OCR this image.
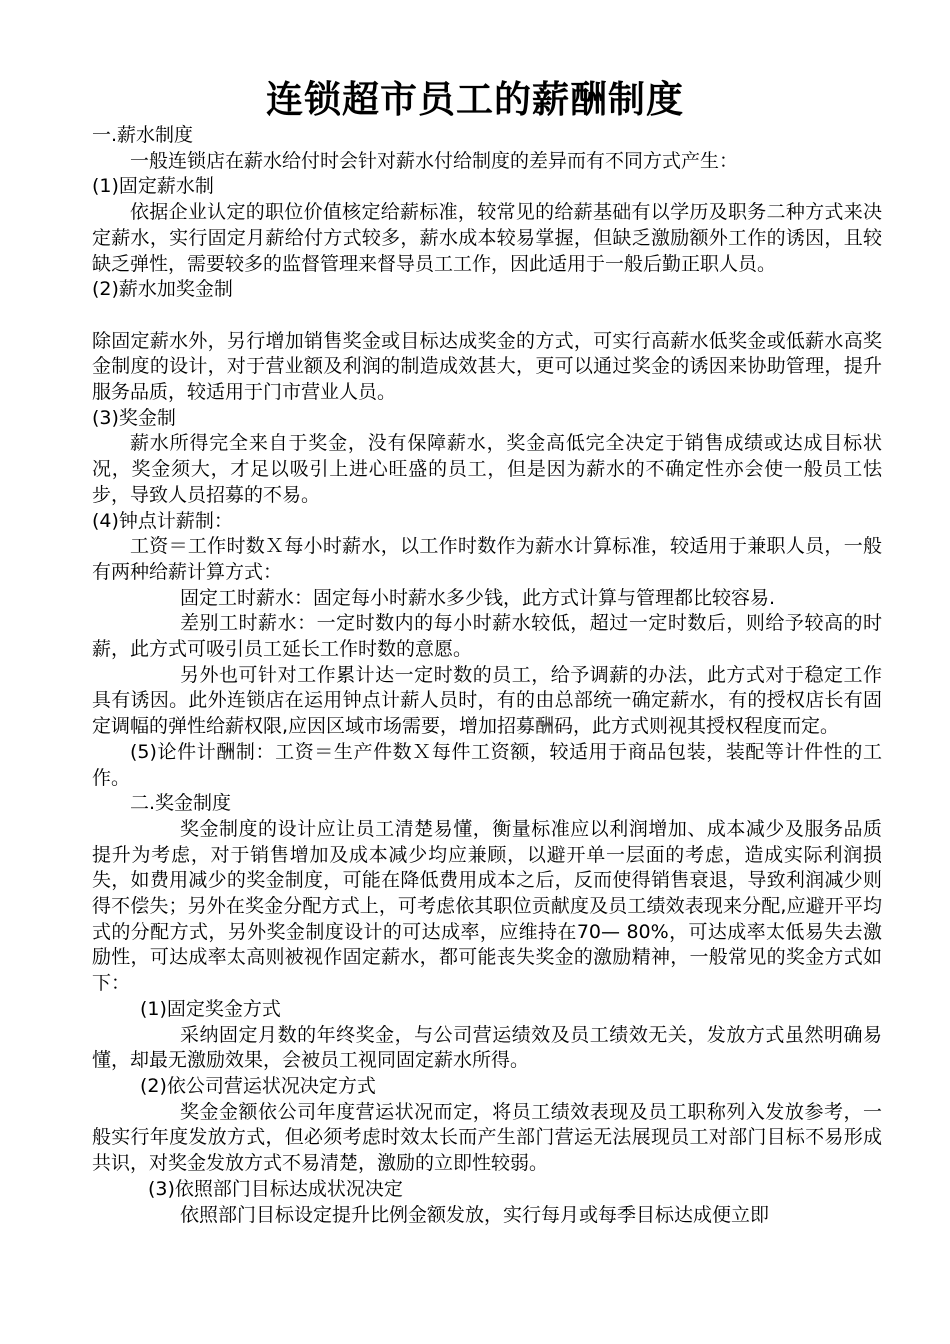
连锁超市员工的薪酬制度

一.薪水制度

一般连锁店在薪水给付时会针对薪水付给制度的差异而有不同方式产生：

(1)固定薪水制

依据企业认定的职位价值核定给薪标准，较常见的给薪基础有以学历及职务二种方式来决定薪水，实行固定月薪给付方式较多，薪水成本较易掌握，但缺乏激励额外工作的诱因，且较缺乏弹性，需要较多的监督管理来督导员工工作，因此适用于一般后勤正职人员。

(2)薪水加奖金制

除固定薪水外，另行增加销售奖金或目标达成奖金的方式，可实行高薪水低奖金或低薪水高奖金制度的设计，对于营业额及利润的制造成效甚大，更可以通过奖金的诱因来协助管理，提升服务品质，较适用于门市营业人员。

(3)奖金制

薪水所得完全来自于奖金，没有保障薪水，奖金高低完全决定于销售成绩或达成目标状况，奖金须大，才足以吸引上进心旺盛的员工，但是因为薪水的不确定性亦会使一般员工怯步，导致人员招募的不易。

(4)钟点计薪制：

工资＝工作时数Ｘ每小时薪水，以工作时数作为薪水计算标准，较适用于兼职人员，一般有两种给薪计算方式：

固定工时薪水：固定每小时薪水多少钱，此方式计算与管理都比较容易.

差别工时薪水：一定时数内的每小时薪水较低，超过一定时数后，则给予较高的时薪，此方式可吸引员工延长工作时数的意愿。

另外也可针对工作累计达一定时数的员工，给予调薪的办法，此方式对于稳定工作具有诱因。此外连锁店在运用钟点计薪人员时，有的由总部统一确定薪水，有的授权店长有固定调幅的弹性给薪权限,应因区域市场需要，增加招募酬码，此方式则视其授权程度而定。

(5)论件计酬制：工资＝生产件数Ｘ每件工资额，较适用于商品包装，装配等计件性的工作。

二.奖金制度

奖金制度的设计应让员工清楚易懂，衡量标准应以利润增加、成本减少及服务品质提升为考虑，对于销售增加及成本减少均应兼顾，以避开单一层面的考虑，造成实际利润损失，如费用减少的奖金制度，可能在降低费用成本之后，反而使得销售衰退，导致利润减少则得不偿失；另外在奖金分配方式上，可考虑依其职位贡献度及员工绩效表现来分配,应避开平均式的分配方式，另外奖金制度设计的可达成率，应维持在70— 80%，可达成率太低易失去激励性，可达成率太高则被视作固定薪水，都可能丧失奖金的激励精神，一般常见的奖金方式如下：

(1)固定奖金方式

采纳固定月数的年终奖金，与公司营运绩效及员工绩效无关，发放方式虽然明确易懂，却最无激励效果，会被员工视同固定薪水所得。

(2)依公司营运状况决定方式

奖金金额依公司年度营运状况而定，将员工绩效表现及员工职称列入发放参考，一般实行年度发放方式，但必须考虑时效太长而产生部门营运无法展现员工对部门目标不易形成共识，对奖金发放方式不易清楚，激励的立即性较弱。

(3)依照部门目标达成状况决定

依照部门目标设定提升比例金额发放，实行每月或每季目标达成便立即
